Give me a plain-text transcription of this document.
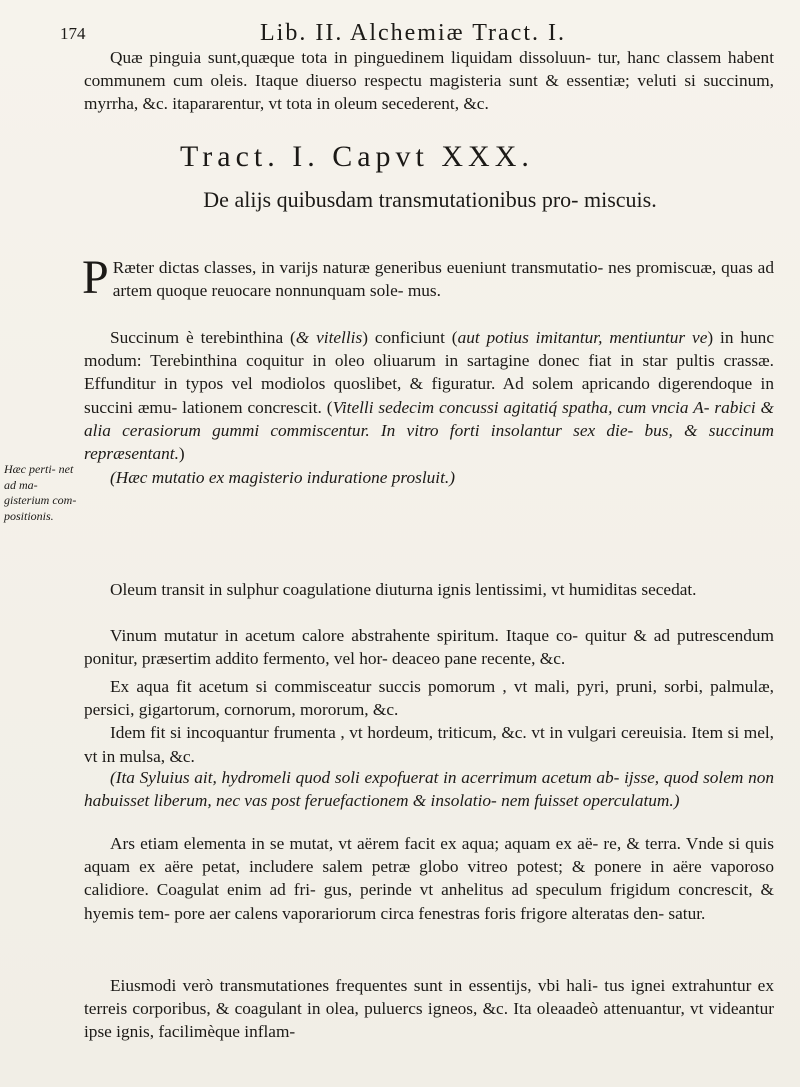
174	Lib. II. Alchemiæ Tract. I.

Quæ pinguia sunt,quæque tota in pinguedinem liquidam dissoluun- tur, hanc classem habent communem cum oleis. Itaque diuerso respectu magisteria sunt & essentiæ; veluti si succinum, myrrha, &c. itapararentur, vt tota in oleum secederent, &c.

Tract. I. Capvt XXX.
De alijs quibusdam transmutationibus pro- miscuis.

P Ræter dictas classes, in varijs naturæ generibus eueniunt transmutatio- nes promiscuæ, quas ad artem quoque reuocare nonnunquam sole- mus.

Succinum è terebinthina (& vitellis) conficiunt (aut potius imitantur, mentiuntur ve) in hunc modum: Terebinthina coquitur in oleo oliuarum in sartagine donec fiat in star pultis crassæ. Effunditur in typos vel modiolos quoslibet, & figuratur. Ad solem apricando digerendoque in succini æmu- lationem concrescit. (Vitelli sedecim concussi agitatiq́ spatha, cum vncia A- rabici & alia cerasiorum gummi commiscentur. In vitro forti insolantur sex die- bus, & succinum repræsentant.)

(Hæc mutatio ex magisterio induratione prosluit.)

Hæc perti- net ad ma- gisterium com- positionis.

Oleum transit in sulphur coagulatione diuturna ignis lentissimi, vt humiditas secedat.

Vinum mutatur in acetum calore abstrahente spiritum. Itaque co- quitur & ad putrescendum ponitur, præsertim addito fermento, vel hor- deaceo pane recente, &c.

Ex aqua fit acetum si commisceatur succis pomorum , vt mali, pyri, pruni, sorbi, palmulæ, persici, gigartorum, cornorum, mororum, &c.

Idem fit si incoquantur frumenta , vt hordeum, triticum, &c. vt in vulgari cereuisia. Item si mel, vt in mulsa, &c.

(Ita Syluius ait, hydromeli quod soli expofuerat in acerrimum acetum ab- ijsse, quod solem non habuisset liberum, nec vas post feruefactionem & insolatio- nem fuisset operculatum.)

Ars etiam elementa in se mutat, vt aërem facit ex aqua; aquam ex aë- re, & terra. Vnde si quis aquam ex aëre petat, includere salem petræ globo vitreo potest; & ponere in aëre vaporoso calidiore. Coagulat enim ad fri- gus, perinde vt anhelitus ad speculum frigidum concrescit, & hyemis tem- pore aer calens vaporariorum circa fenestras foris frigore alteratas den- satur.

Eiusmodi verò transmutationes frequentes sunt in essentijs, vbi hali- tus ignei extrahuntur ex terreis corporibus, & coagulant in olea, puluercs igneos, &c. Ita oleaadeò attenuantur, vt videantur ipse ignis, facilimèque inflam-
